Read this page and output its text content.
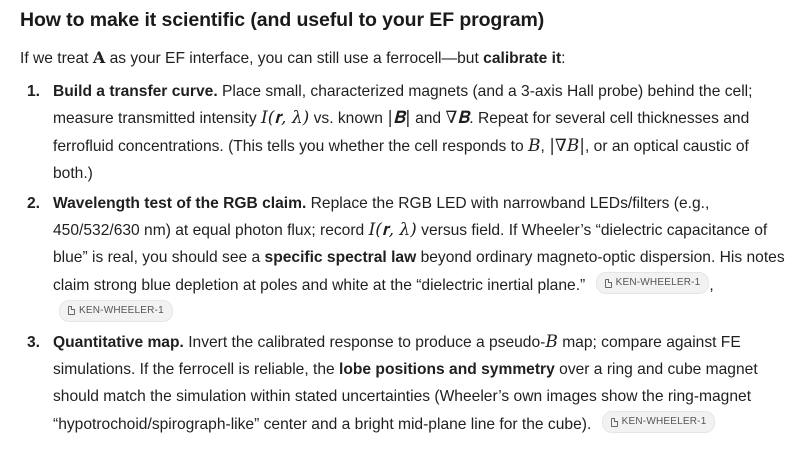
How to make it scientific (and useful to your EF program)

If we treat A as your EF interface, you can still use a ferrocell—but calibrate it:

1. Build a transfer curve. Place small, characterized magnets (and a 3-axis Hall probe) behind the cell; measure transmitted intensity I(𝐫, λ) vs. known |𝐁| and ∇𝐁. Repeat for several cell thicknesses and ferrofluid concentrations. (This tells you whether the cell responds to B, |∇B|, or an optical caustic of both.)
2. Wavelength test of the RGB claim. Replace the RGB LED with narrowband LEDs/filters (e.g., 450/532/630 nm) at equal photon flux; record I(𝐫, λ) versus field. If Wheeler’s “dielectric capacitance of blue” is real, you should see a specific spectral law beyond ordinary magneto-optic dispersion. His notes claim strong blue depletion at poles and white at the “dielectric inertial plane.”	KEN-WHEELER-1 ,
KEN-WHEELER-1
3. Quantitative map. Invert the calibrated response to produce a pseudo-B map; compare against FE simulations. If the ferrocell is reliable, the lobe positions and symmetry over a ring and cube magnet should match the simulation within stated uncertainties (Wheeler’s own images show the ring-magnet “hypotrochoid/spirograph-like” center and a bright mid-plane line for the cube).	KEN-WHEELER-1
